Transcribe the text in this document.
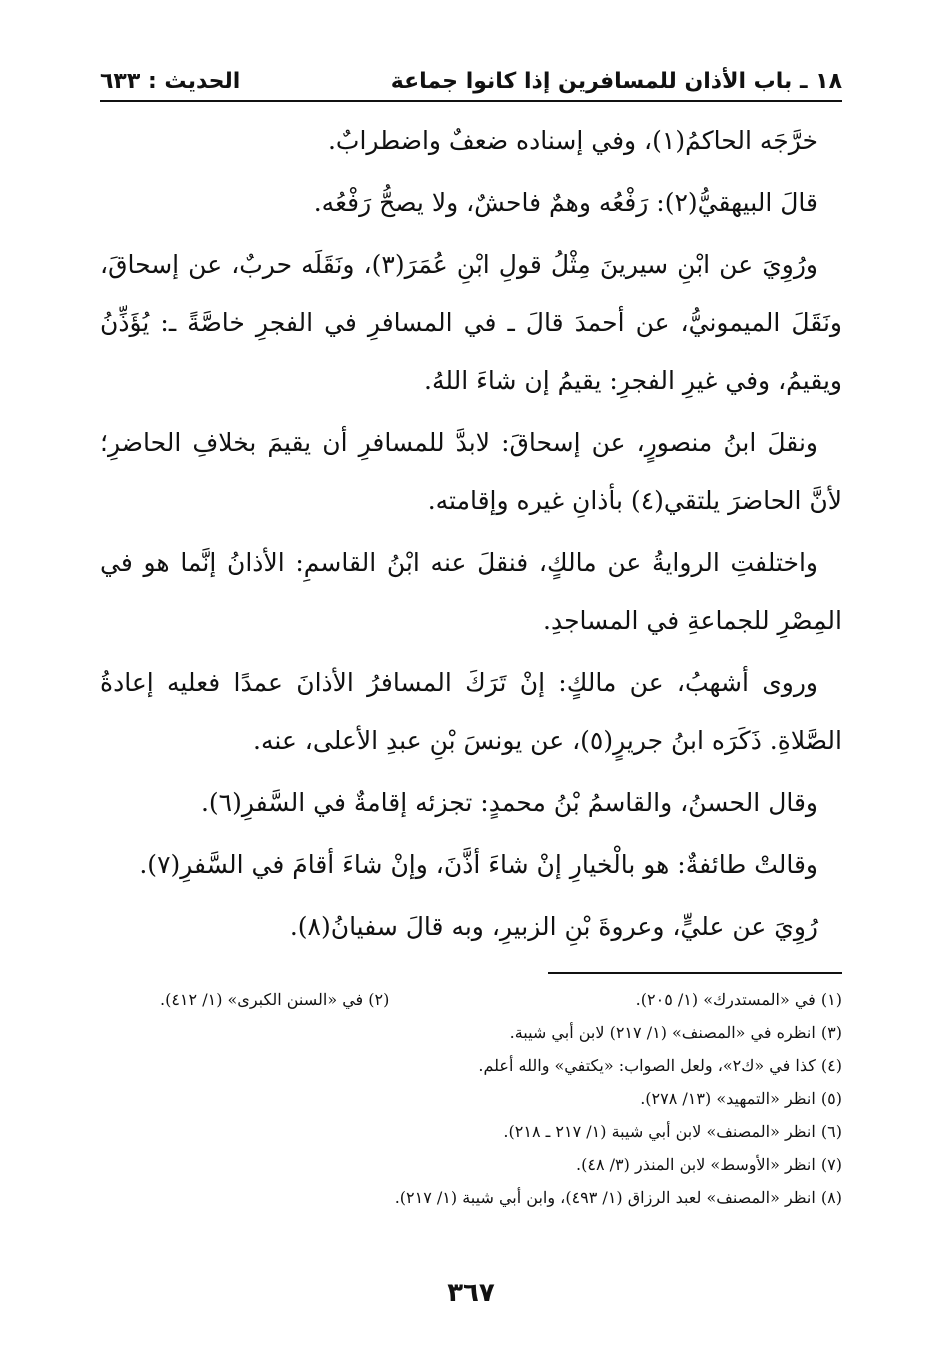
١٨ ـ باب الأذان للمسافرين إذا كانوا جماعة
الحديث : ٦٣٣

خرَّجَه الحاكمُ(١)، وفي إسناده ضعفٌ واضطرابٌ.

قالَ البيهقيُّ(٢): رَفْعُه وهمٌ فاحشٌ، ولا يصحُّ رَفْعُه.

ورُوِيَ عن ابْنِ سيرينَ مِثْلُ قولِ ابْنِ عُمَرَ(٣)، ونَقَلَه حربٌ، عن إسحاقَ، ونَقَلَ الميمونيُّ، عن أحمدَ قالَ ـ في المسافرِ في الفجرِ خاصَّةً ـ: يُؤَذِّنُ ويقيمُ، وفي غيرِ الفجرِ: يقيمُ إن شاءَ اللهُ.

ونقلَ ابنُ منصورٍ، عن إسحاقَ: لابدَّ للمسافرِ أن يقيمَ بخلافِ الحاضرِ؛ لأنَّ الحاضرَ يلتقي(٤) بأذانِ غيره وإقامته.

واختلفتِ الروايةُ عن مالكٍ، فنقلَ عنه ابْنُ القاسمِ: الأذانُ إنَّما هو في المِصْرِ للجماعةِ في المساجدِ.

وروى أشهبُ، عن مالكٍ: إنْ تَرَكَ المسافرُ الأذانَ عمدًا فعليه إعادةُ الصَّلاةِ. ذَكَرَه ابنُ جريرٍ(٥)، عن يونسَ بْنِ عبدِ الأعلى، عنه.

وقال الحسنُ، والقاسمُ بْنُ محمدٍ: تجزئه إقامةٌ في السَّفرِ(٦).

وقالتْ طائفةٌ: هو بالْخيارِ إنْ شاءَ أذَّنَ، وإنْ شاءَ أقامَ في السَّفرِ(٧).

رُوِيَ عن عليٍّ، وعروةَ بْنِ الزبيرِ، وبه قالَ سفيانُ(٨).

(١) في «المستدرك» (١/ ٢٠٥).

(٢) في «السنن الكبرى» (١/ ٤١٢).

(٣) انظره في «المصنف» (١/ ٢١٧) لابن أبي شيبة.

(٤) كذا في «ك٢»، ولعل الصواب: «يكتفي» والله أعلم.

(٥) انظر «التمهيد» (١٣/ ٢٧٨).

(٦) انظر «المصنف» لابن أبي شيبة (١/ ٢١٧ ـ ٢١٨).

(٧) انظر «الأوسط» لابن المنذر (٣/ ٤٨).

(٨) انظر «المصنف» لعبد الرزاق (١/ ٤٩٣)، وابن أبي شيبة (١/ ٢١٧).

٣٦٧
